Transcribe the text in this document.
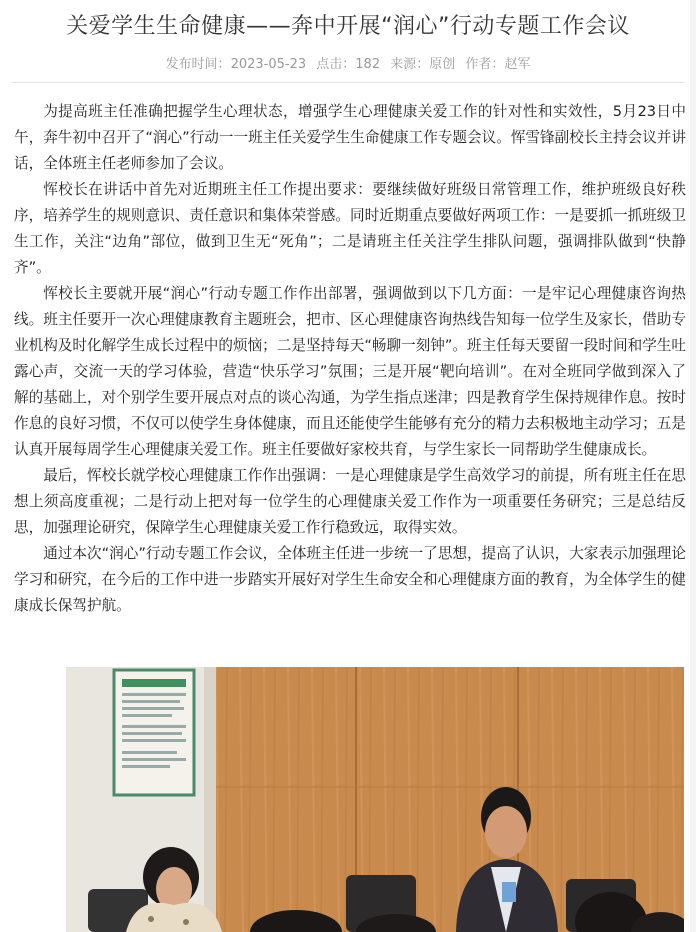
关爱学生生命健康——奔中开展“润心”行动专题工作会议
发布时间：2023-05-23 点击：182 来源：原创 作者：赵军

为提高班主任准确把握学生心理状态，增强学生心理健康关爱工作的针对性和实效性，5月23日中午，奔牛初中召开了“润心”行动一一班主任关爱学生生命健康工作专题会议。恽雪锋副校长主持会议并讲话，全体班主任老师参加了会议。

恽校长在讲话中首先对近期班主任工作提出要求：要继续做好班级日常管理工作，维护班级良好秩序，培养学生的规则意识、责任意识和集体荣誉感。同时近期重点要做好两项工作：一是要抓一抓班级卫生工作，关注“边角”部位，做到卫生无“死角”；二是请班主任关注学生排队问题，强调排队做到“快静齐”。

恽校长主要就开展“润心”行动专题工作作出部署，强调做到以下几方面：一是牢记心理健康咨询热线。班主任要开一次心理健康教育主题班会，把市、区心理健康咨询热线告知每一位学生及家长，借助专业机构及时化解学生成长过程中的烦恼；二是坚持每天“畅聊一刻钟”。班主任每天要留一段时间和学生吐露心声，交流一天的学习体验，营造“快乐学习”氛围；三是开展“靶向培训”。在对全班同学做到深入了解的基础上，对个别学生要开展点对点的谈心沟通，为学生指点迷津；四是教育学生保持规律作息。按时作息的良好习惯，不仅可以使学生身体健康，而且还能使学生能够有充分的精力去积极地主动学习；五是认真开展每周学生心理健康关爱工作。班主任要做好家校共育，与学生家长一同帮助学生健康成长。

最后，恽校长就学校心理健康工作作出强调：一是心理健康是学生高效学习的前提，所有班主任在思想上须高度重视；二是行动上把对每一位学生的心理健康关爱工作作为一项重要任务研究；三是总结反思，加强理论研究，保障学生心理健康关爱工作行稳致远，取得实效。

通过本次“润心”行动专题工作会议，全体班主任进一步统一了思想，提高了认识，大家表示加强理论学习和研究，在今后的工作中进一步踏实开展好对学生生命安全和心理健康方面的教育，为全体学生的健康成长保驾护航。
